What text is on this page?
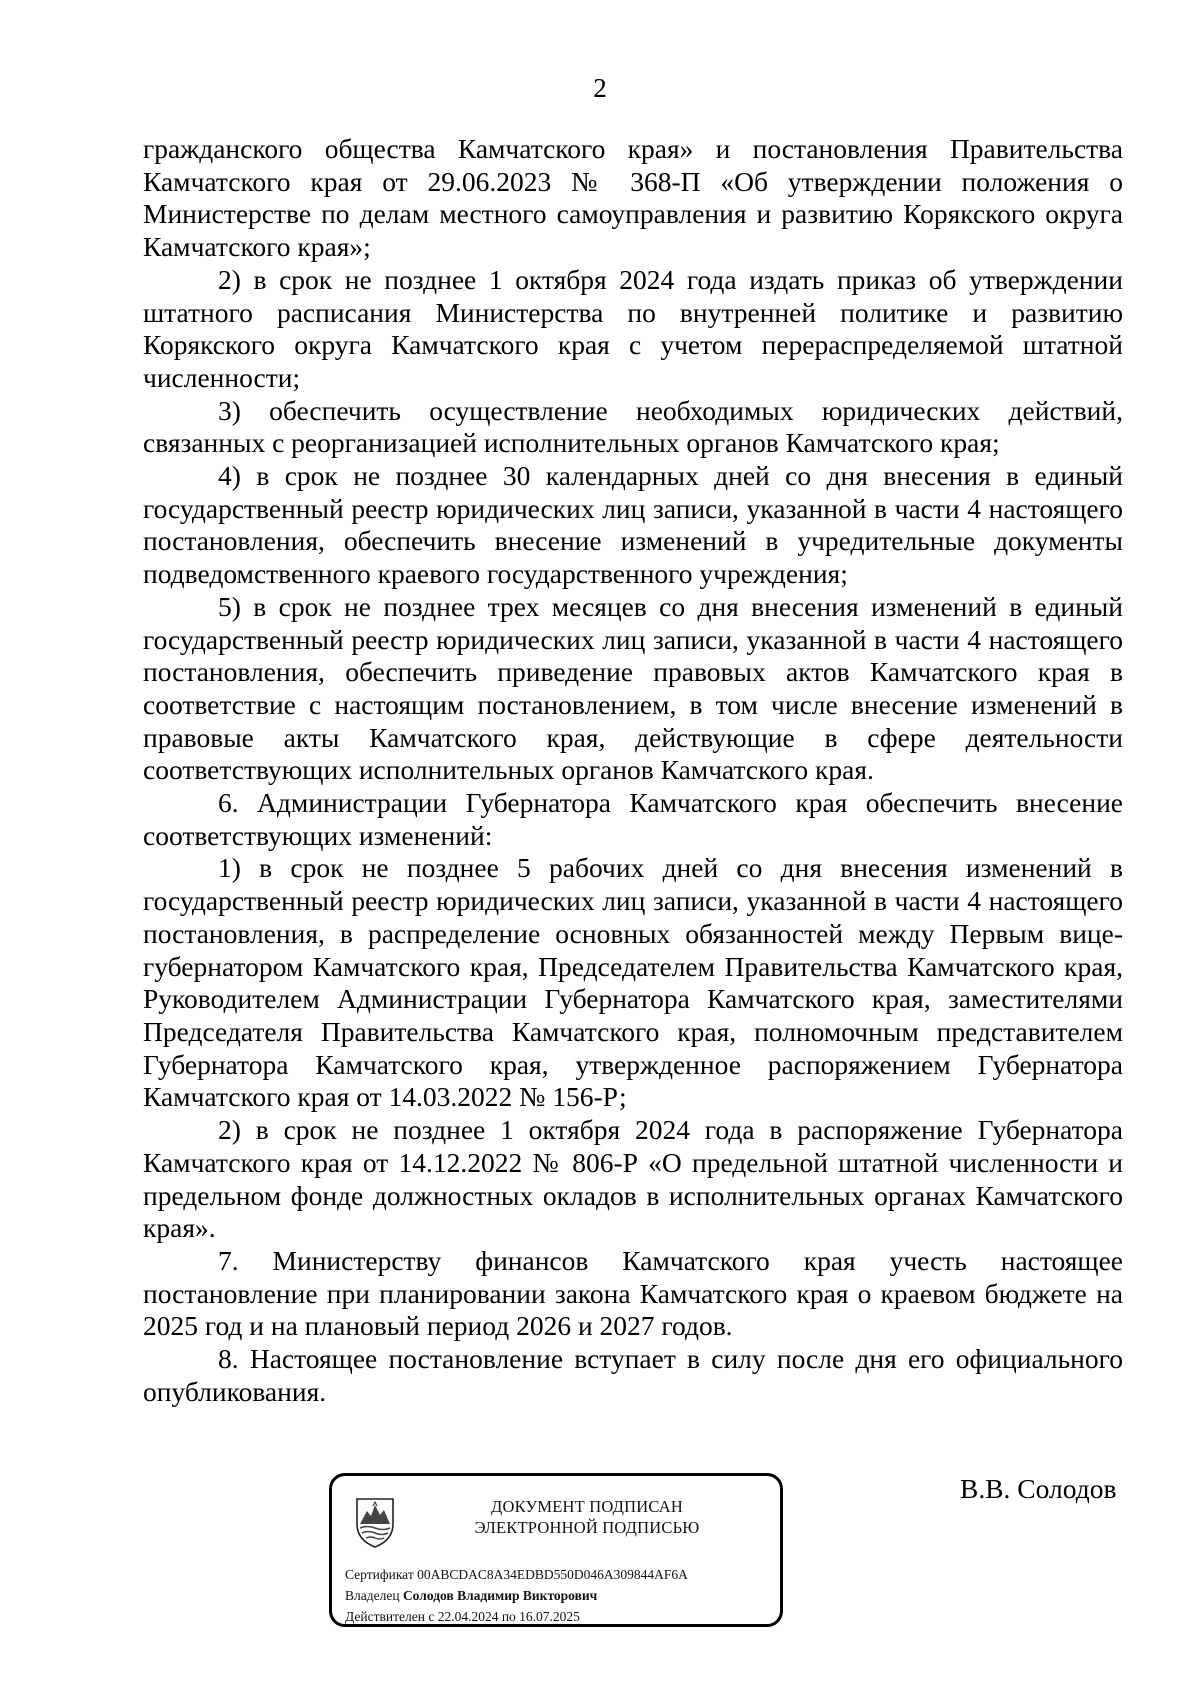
2

гражданского общества Камчатского края» и постановления Правительства Камчатского края от 29.06.2023 № 368-П «Об утверждении положения о Министерстве по делам местного самоуправления и развитию Корякского округа Камчатского края»;

2) в срок не позднее 1 октября 2024 года издать приказ об утверждении штатного расписания Министерства по внутренней политике и развитию Корякского округа Камчатского края с учетом перераспределяемой штатной численности;

3) обеспечить осуществление необходимых юридических действий, связанных с реорганизацией исполнительных органов Камчатского края;

4) в срок не позднее 30 календарных дней со дня внесения в единый государственный реестр юридических лиц записи, указанной в части 4 настоящего постановления, обеспечить внесение изменений в учредительные документы подведомственного краевого государственного учреждения;

5) в срок не позднее трех месяцев со дня внесения изменений в единый государственный реестр юридических лиц записи, указанной в части 4 настоящего постановления, обеспечить приведение правовых актов Камчатского края в соответствие с настоящим постановлением, в том числе внесение изменений в правовые акты Камчатского края, действующие в сфере деятельности соответствующих исполнительных органов Камчатского края.

6. Администрации Губернатора Камчатского края обеспечить внесение соответствующих изменений:

1) в срок не позднее 5 рабочих дней со дня внесения изменений в государственный реестр юридических лиц записи, указанной в части 4 настоящего постановления, в распределение основных обязанностей между Первым вице-губернатором Камчатского края, Председателем Правительства Камчатского края, Руководителем Администрации Губернатора Камчатского края, заместителями Председателя Правительства Камчатского края, полномочным представителем Губернатора Камчатского края, утвержденное распоряжением Губернатора Камчатского края от 14.03.2022 № 156-Р;

2) в срок не позднее 1 октября 2024 года в распоряжение Губернатора Камчатского края от 14.12.2022 № 806-Р «О предельной штатной численности и предельном фонде должностных окладов в исполнительных органах Камчатского края».

7. Министерству финансов Камчатского края учесть настоящее постановление при планировании закона Камчатского края о краевом бюджете на 2025 год и на плановый период 2026 и 2027 годов.

8. Настоящее постановление вступает в силу после дня его официального опубликования.

ДОКУМЕНТ ПОДПИСАН
ЭЛЕКТРОННОЙ ПОДПИСЬЮ
Сертификат 00ABCDAC8A34EDBD550D046A309844AF6A
Владелец Солодов Владимир Викторович
Действителен с 22.04.2024 по 16.07.2025
В.В. Солодов
